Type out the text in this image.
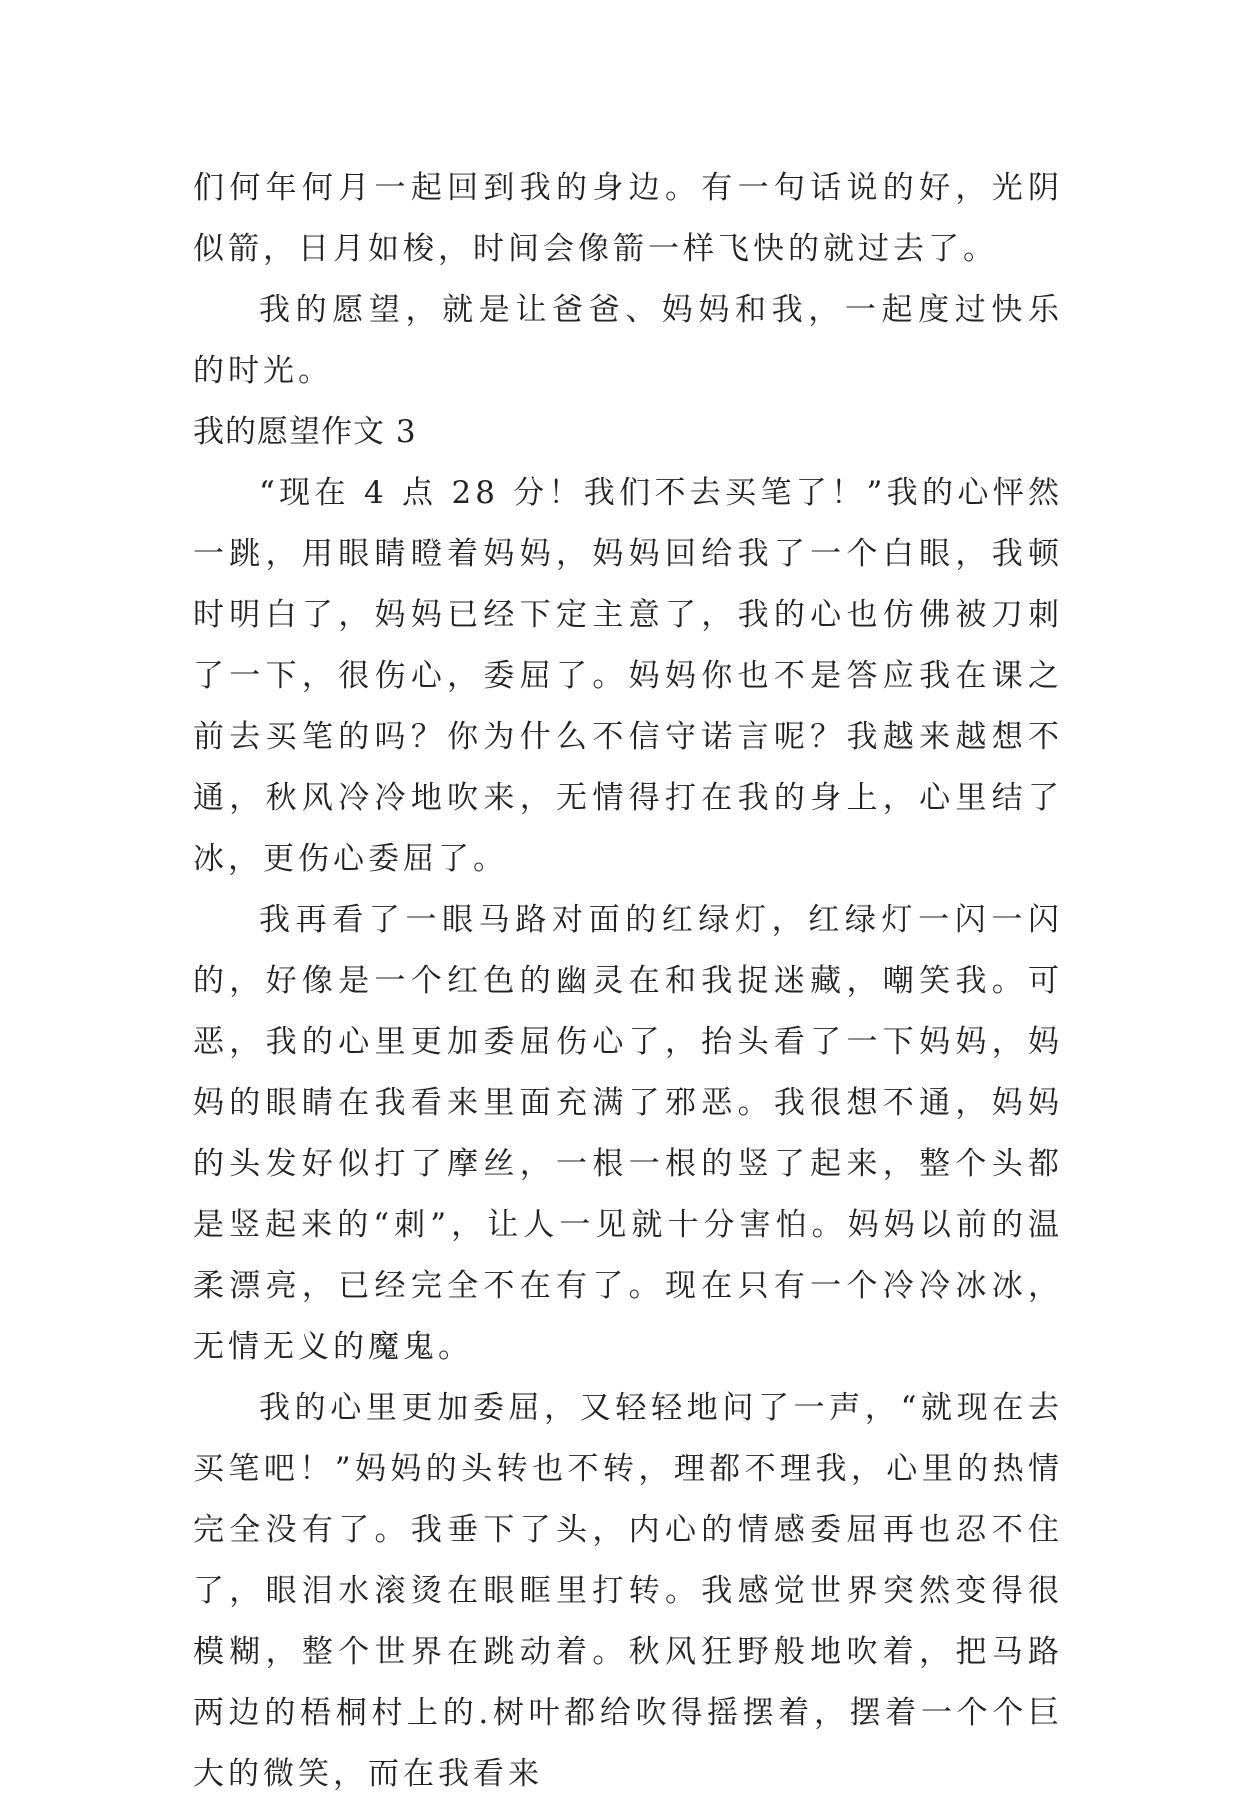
们何年何月一起回到我的身边。有一句话说的好，光阴似箭，日月如梭，时间会像箭一样飞快的就过去了。

我的愿望，就是让爸爸、妈妈和我，一起度过快乐的时光。

我的愿望作文 3

“现在 4 点 28 分！我们不去买笔了！”我的心怦然一跳，用眼睛瞪着妈妈，妈妈回给我了一个白眼，我顿时明白了，妈妈已经下定主意了，我的心也仿佛被刀刺了一下，很伤心，委屈了。妈妈你也不是答应我在课之前去买笔的吗？你为什么不信守诺言呢？我越来越想不通，秋风冷冷地吹来，无情得打在我的身上，心里结了冰，更伤心委屈了。

我再看了一眼马路对面的红绿灯，红绿灯一闪一闪的，好像是一个红色的幽灵在和我捉迷藏，嘲笑我。可恶，我的心里更加委屈伤心了，抬头看了一下妈妈，妈妈的眼睛在我看来里面充满了邪恶。我很想不通，妈妈的头发好似打了摩丝，一根一根的竖了起来，整个头都是竖起来的“刺”，让人一见就十分害怕。妈妈以前的温柔漂亮，已经完全不在有了。现在只有一个冷冷冰冰，无情无义的魔鬼。

我的心里更加委屈，又轻轻地问了一声，“就现在去买笔吧！”妈妈的头转也不转，理都不理我，心里的热情完全没有了。我垂下了头，内心的情感委屈再也忍不住了，眼泪水滚烫在眼眶里打转。我感觉世界突然变得很模糊，整个世界在跳动着。秋风狂野般地吹着，把马路两边的梧桐村上的.树叶都给吹得摇摆着，摆着一个个巨大的微笑，而在我看来
